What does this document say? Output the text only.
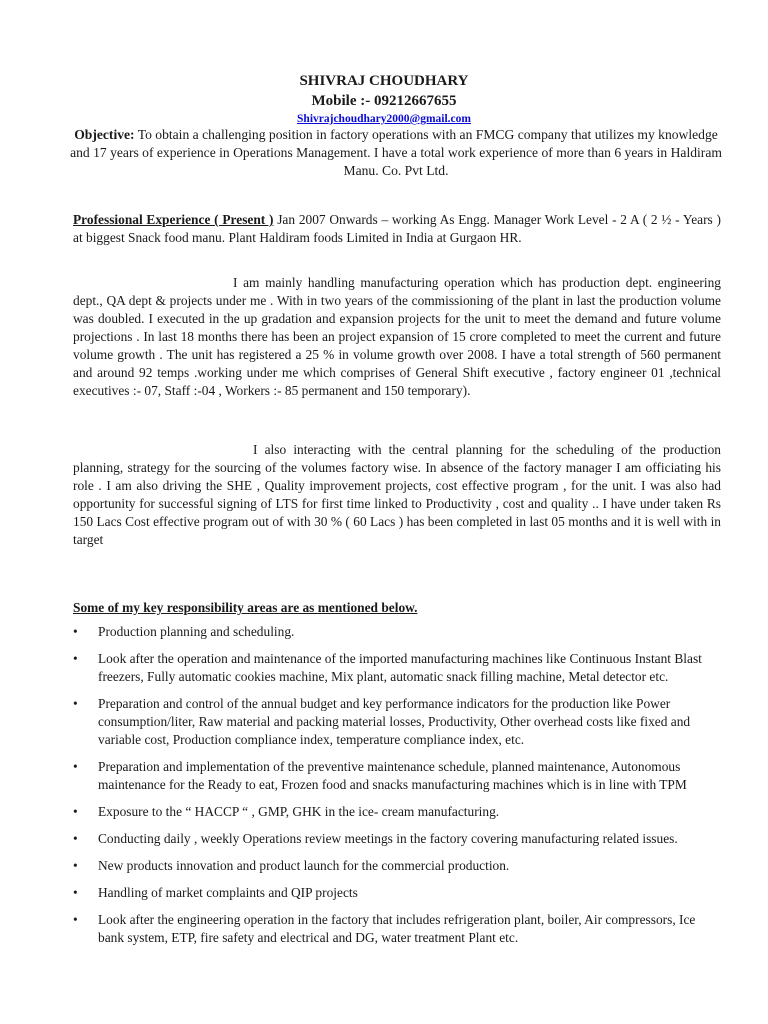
SHIVRAJ CHOUDHARY
Mobile :- 09212667655
Shivrajchoudhary2000@gmail.com
Objective: To obtain a challenging position in factory operations with an FMCG company that utilizes my knowledge and 17 years of experience in Operations Management. I have a total work experience of more than 6 years in Haldiram Manu. Co. Pvt Ltd.
Professional Experience ( Present ) Jan 2007 Onwards – working As Engg. Manager Work Level - 2 A ( 2 ½ - Years ) at biggest Snack food manu. Plant Haldiram foods Limited in India at Gurgaon HR.
I am mainly handling manufacturing operation which has production dept. engineering dept., QA dept & projects under me . With in two years of the commissioning of the plant in last the production volume was doubled. I executed in the up gradation and expansion projects for the unit to meet the demand and future volume projections . In last 18 months there has been an project expansion of 15 crore completed to meet the current and future volume growth . The unit has registered a 25 % in volume growth over 2008. I have a total strength of 560 permanent and around 92 temps .working under me which comprises of General Shift executive , factory engineer 01 ,technical executives :- 07, Staff :-04 , Workers :- 85 permanent and 150 temporary).
I also interacting with the central planning for the scheduling of the production planning, strategy for the sourcing of the volumes factory wise. In absence of the factory manager I am officiating his role . I am also driving the SHE , Quality improvement projects, cost effective program , for the unit. I was also had opportunity for successful signing of LTS for first time linked to Productivity , cost and quality .. I have under taken Rs 150 Lacs Cost effective program out of with 30 % ( 60 Lacs ) has been completed in last 05 months and it is well with in target
Some of my key responsibility areas are as mentioned below.
• Production planning and scheduling.
• Look after the operation and maintenance of the imported manufacturing machines like Continuous Instant Blast freezers, Fully automatic cookies machine, Mix plant, automatic snack filling machine, Metal detector etc.
• Preparation and control of the annual budget and key performance indicators for the production like Power consumption/liter, Raw material and packing material losses, Productivity, Other overhead costs like fixed and variable cost, Production compliance index, temperature compliance index, etc.
• Preparation and implementation of the preventive maintenance schedule, planned maintenance, Autonomous maintenance for the Ready to eat, Frozen food and snacks manufacturing machines which is in line with TPM
• Exposure to the “ HACCP “ , GMP, GHK in the ice- cream manufacturing.
• Conducting daily , weekly Operations review meetings in the factory covering manufacturing related issues.
• New products innovation and product launch for the commercial production.
• Handling of market complaints and QIP projects
• Look after the engineering operation in the factory that includes refrigeration plant, boiler, Air compressors, Ice bank system, ETP, fire safety and electrical and DG, water treatment Plant etc.
